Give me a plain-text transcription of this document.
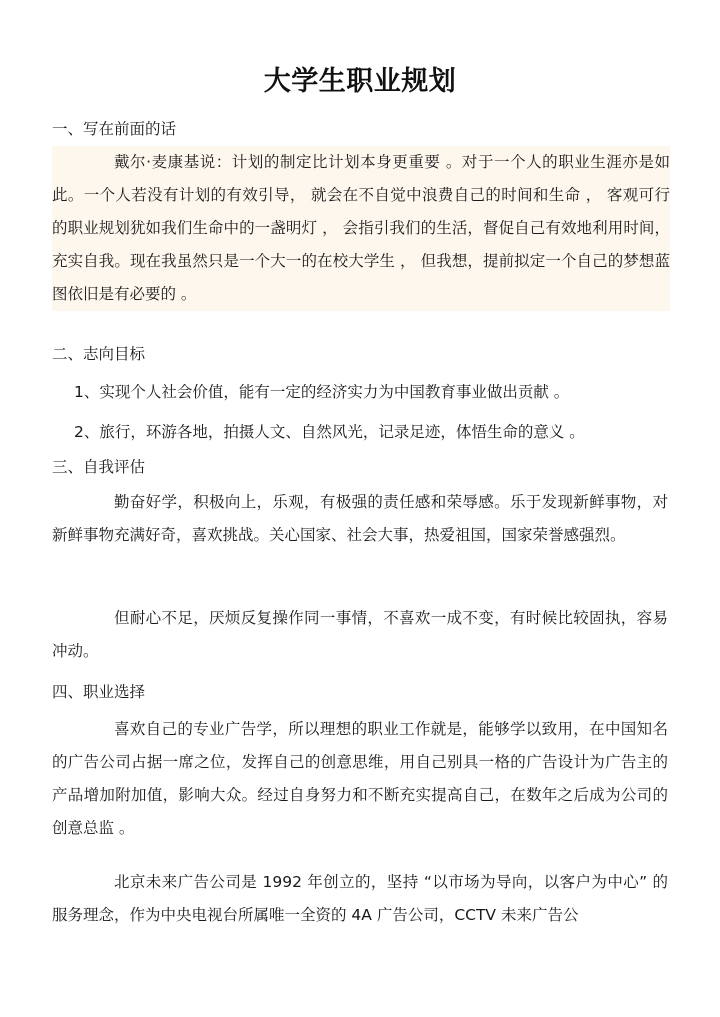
大学生职业规划
一、写在前面的话

戴尔·麦康基说：计划的制定比计划本身更重要 。对于一个人的职业生涯亦是如此。一个人若没有计划的有效引导， 就会在不自觉中浪费自己的时间和生命 ， 客观可行的职业规划犹如我们生命中的一盏明灯 ， 会指引我们的生活，督促自己有效地利用时间，充实自我。现在我虽然只是一个大一的在校大学生 ， 但我想，提前拟定一个自己的梦想蓝图依旧是有必要的 。

二、志向目标

1、实现个人社会价值，能有一定的经济实力为中国教育事业做出贡献 。

2、旅行，环游各地，拍摄人文、自然风光，记录足迹，体悟生命的意义 。

三、自我评估

勤奋好学，积极向上，乐观，有极强的责任感和荣辱感。乐于发现新鲜事物，对新鲜事物充满好奇，喜欢挑战。关心国家、社会大事，热爱祖国，国家荣誉感强烈。

但耐心不足，厌烦反复操作同一事情，不喜欢一成不变，有时候比较固执，容易冲动。

四、职业选择

喜欢自己的专业广告学，所以理想的职业工作就是，能够学以致用，在中国知名的广告公司占据一席之位，发挥自己的创意思维，用自己别具一格的广告设计为广告主的产品增加附加值，影响大众。经过自身努力和不断充实提高自己，在数年之后成为公司的创意总监 。

北京未来广告公司是 1992 年创立的，坚持 “以市场为导向，以客户为中心” 的服务理念，作为中央电视台所属唯一全资的 4A 广告公司，CCTV 未来广告公
